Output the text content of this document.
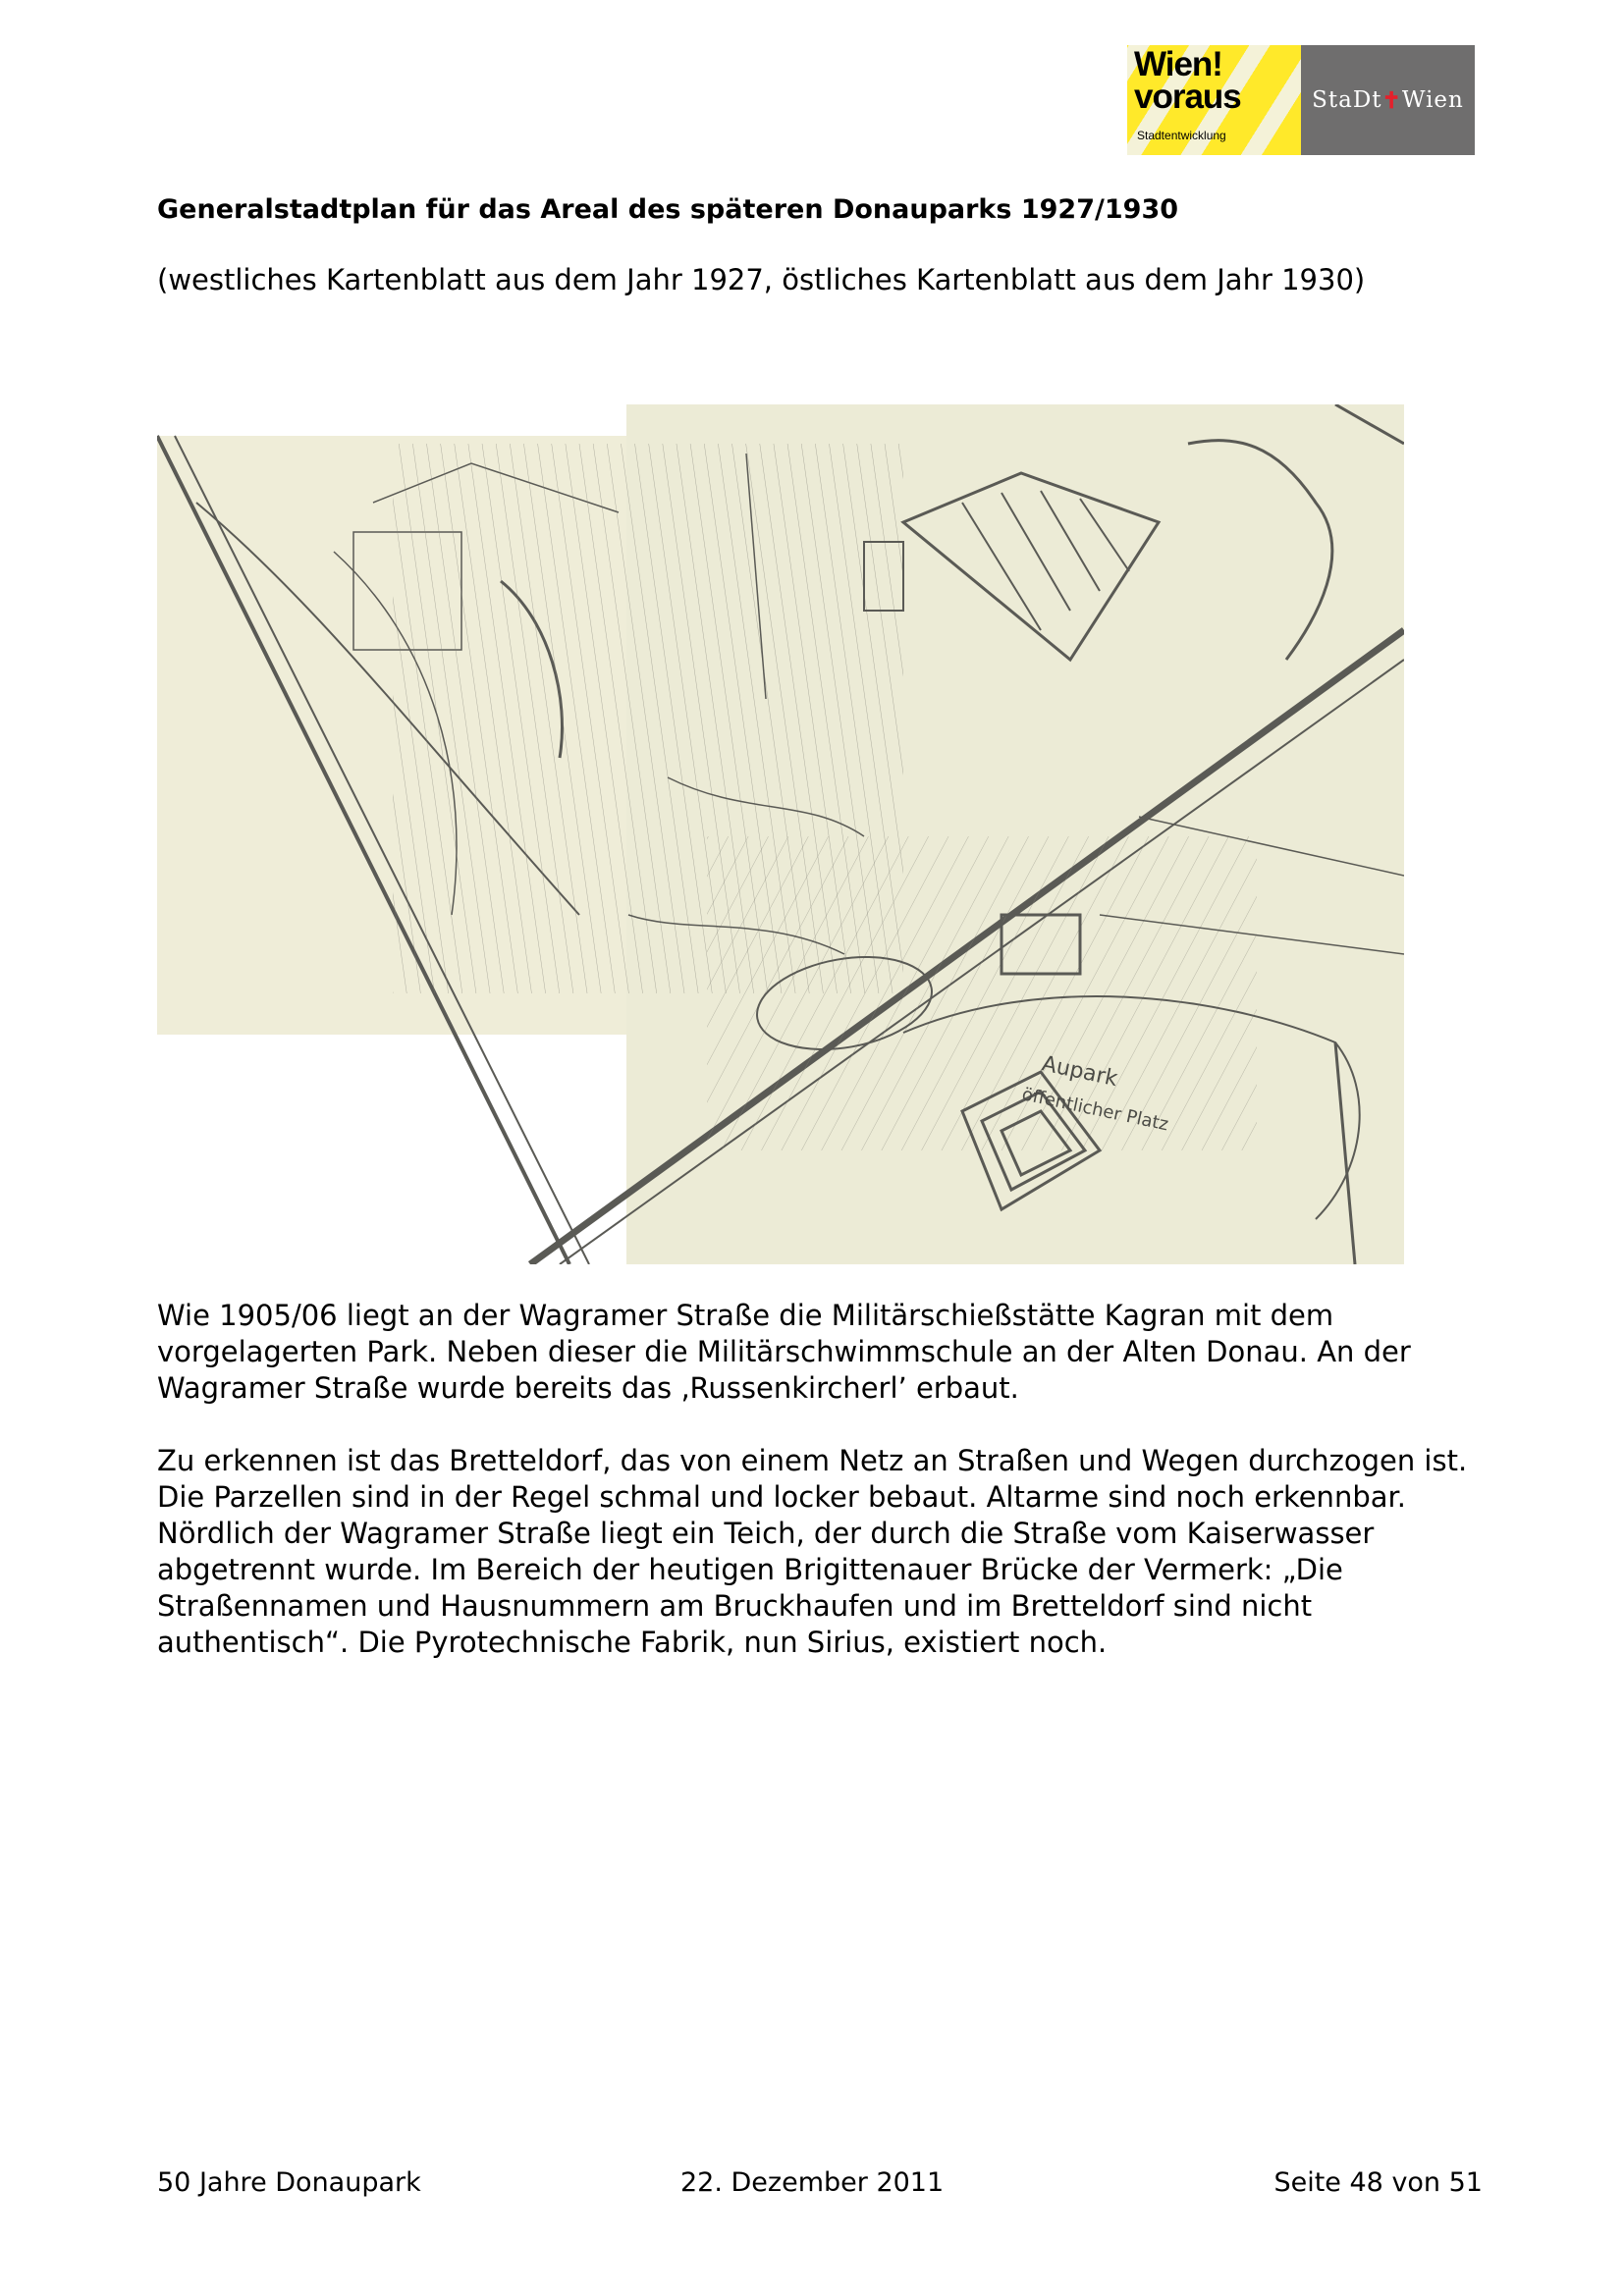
Wien!
voraus
Stadtentwicklung
StaDt ✝ Wien
Generalstadtplan für das Areal des späteren Donauparks 1927/1930

(westliches Kartenblatt aus dem Jahr 1927, östliches Kartenblatt aus dem Jahr 1930)

Aupark
öffentlicher Platz

Wie 1905/06 liegt an der Wagramer Straße die Militärschießstätte Kagran mit dem vorgelagerten Park. Neben dieser die Militärschwimmschule an der Alten Donau. An der Wagramer Straße wurde bereits das ‚Russenkircherl’ erbaut.

Zu erkennen ist das Bretteldorf, das von einem Netz an Straßen und Wegen durchzogen ist. Die Parzellen sind in der Regel schmal und locker bebaut. Altarme sind noch erkennbar. Nördlich der Wagramer Straße liegt ein Teich, der durch die Straße vom Kaiserwasser abgetrennt wurde. Im Bereich der heutigen Brigittenauer Brücke der Vermerk: „Die Straßennamen und Hausnummern am Bruckhaufen und im Bretteldorf sind nicht authentisch“. Die Pyrotechnische Fabrik, nun Sirius, existiert noch.

50 Jahre Donaupark	22. Dezember 2011	Seite 48 von 51
